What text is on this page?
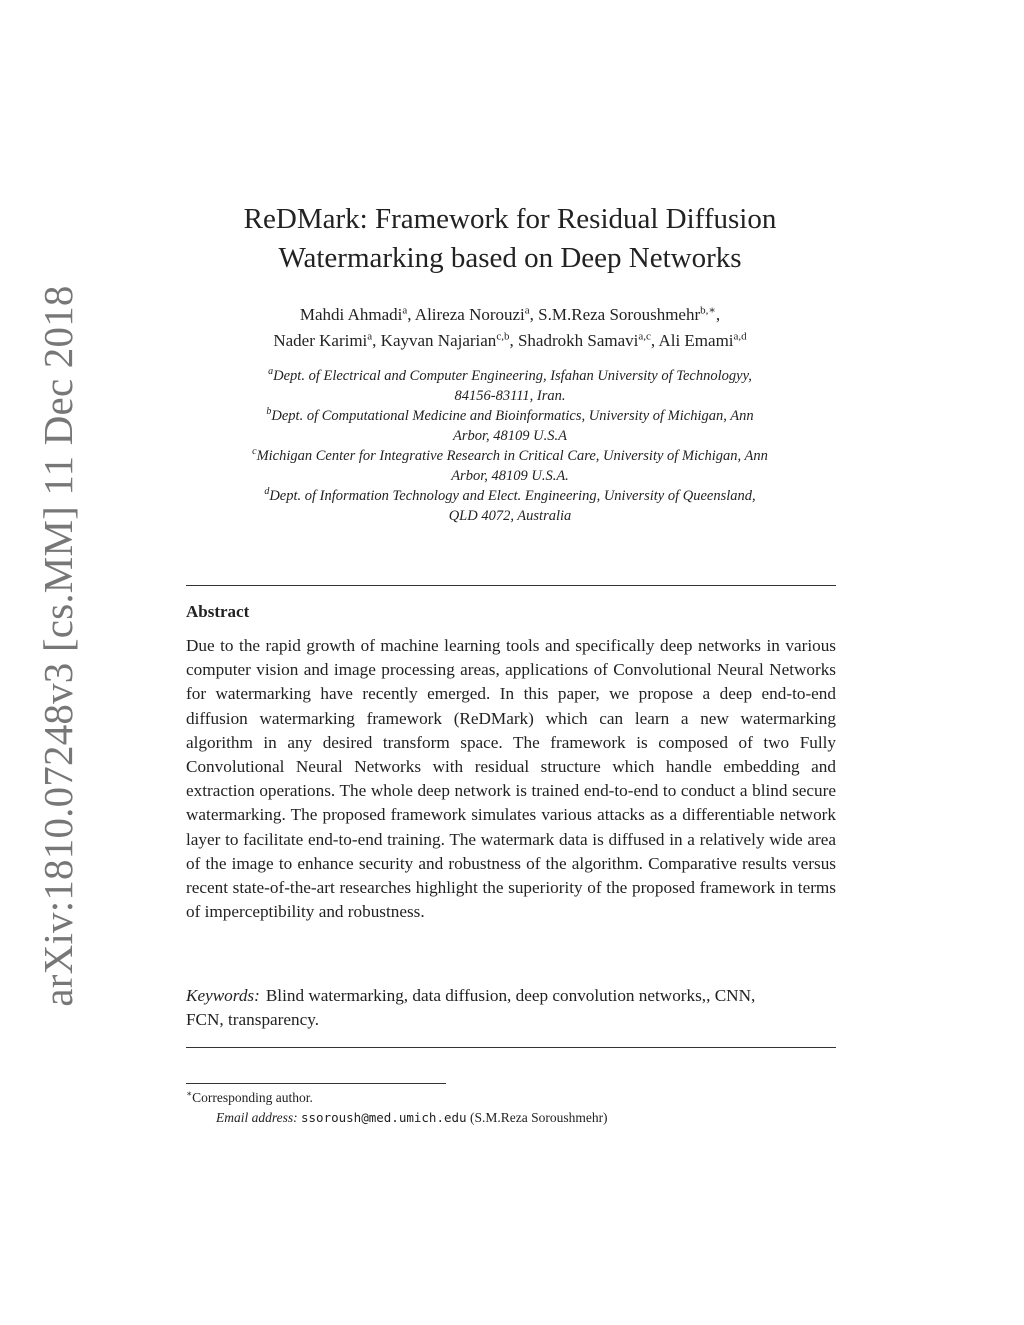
arXiv:1810.07248v3 [cs.MM] 11 Dec 2018
ReDMark: Framework for Residual Diffusion
Watermarking based on Deep Networks
Mahdi Ahmadi$^a$, Alireza Norouzi$^a$, S.M.Reza Soroushmehr$^{b,∗}$,
Nader Karimi$^a$, Kayvan Najarian$^{c,b}$, Shadrokh Samavi$^{a,c}$, Ali Emami$^{a,d}$
$^a$Dept. of Electrical and Computer Engineering, Isfahan University of Technologyy,
84156-83111, Iran.
$^b$Dept. of Computational Medicine and Bioinformatics, University of Michigan, Ann
Arbor, 48109 U.S.A
$^c$Michigan Center for Integrative Research in Critical Care, University of Michigan, Ann
Arbor, 48109 U.S.A.
$^d$Dept. of Information Technology and Elect. Engineering, University of Queensland,
QLD 4072, Australia
Abstract
Due to the rapid growth of machine learning tools and specifically deep networks in various computer vision and image processing areas, applications of Convolutional Neural Networks for watermarking have recently emerged. In this paper, we propose a deep end-to-end diffusion watermarking framework (ReDMark) which can learn a new watermarking algorithm in any desired transform space. The framework is composed of two Fully Convolutional Neural Networks with residual structure which handle embedding and extraction operations. The whole deep network is trained end-to-end to conduct a blind secure watermarking. The proposed framework simulates various attacks as a differentiable network layer to facilitate end-to-end training. The watermark data is diffused in a relatively wide area of the image to enhance security and robustness of the algorithm. Comparative results versus recent state-of-the-art researches highlight the superiority of the proposed framework in terms of imperceptibility and robustness.
Keywords: Blind watermarking, data diffusion, deep convolution networks,, CNN, FCN, transparency.
∗Corresponding author.
Email address: ssoroush@med.umich.edu (S.M.Reza Soroushmehr)
